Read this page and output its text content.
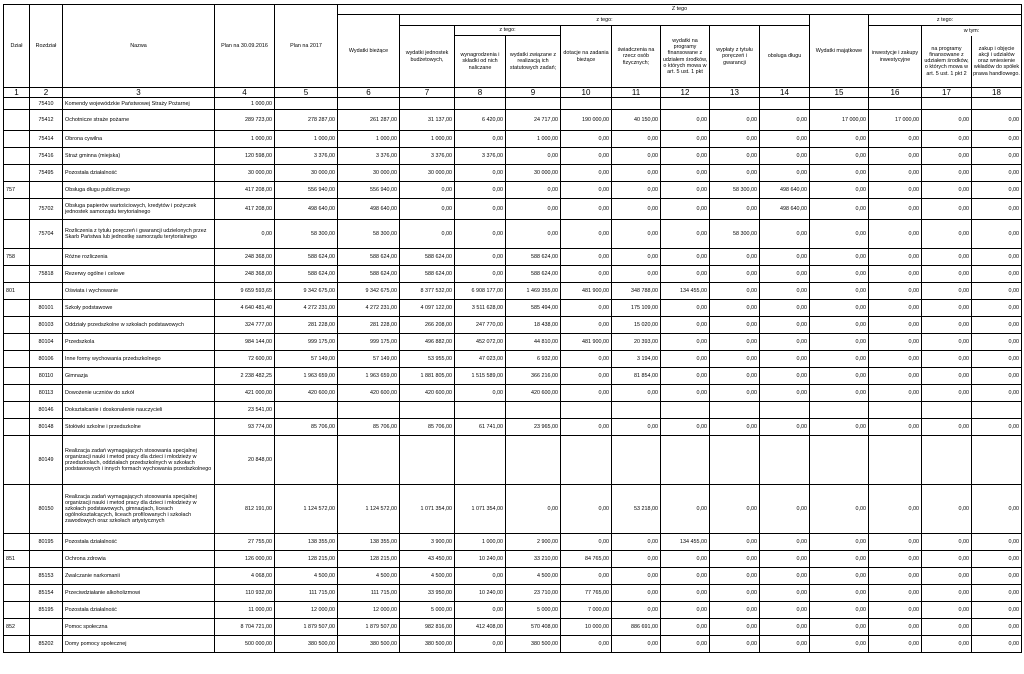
Dział	Rozdział	Nazwa	Plan na 30.09.2016	Plan na 2017	Z tego												
					Wydatki bieżące	z tego:								Wydatki majątkowe	z tego:		
						wydatki jednostek budżetowych,	z tego:		dotacje na zadania bieżące	świadczenia na rzecz osób fizycznych;	wydatki na programy finansowane z udziałem środków, o których mowa w art. 5 ust. 1 pkt	wypłaty z tytułu poręczeń i gwarancji	obsługa długu		inwestycje i zakupy inwestycyjne	w tym:	
							wynagrodzenia i składki od nich naliczane	wydatki związane z realizacją ich statutowych zadań;								na programy finansowane z udziałem środków, o których mowa w art. 5 ust. 1 pkt 2	zakup i objęcie akcji i udziałów oraz wniesienie wkładów do spółek prawa handlowego.

1	2	3	4	5	6	7	8	9	10	11	12	13	14	15	16	17	18
	75410	Komendy wojewódzkie Państwowej Straży Pożarnej	1 000,00														
	75412	Ochotnicze straże pożarne	289 723,00	278 287,00	261 287,00	31 137,00	6 420,00	24 717,00	190 000,00	40 150,00	0,00	0,00	0,00	17 000,00	17 000,00	0,00	0,00
	75414	Obrona cywilna	1 000,00	1 000,00	1 000,00	1 000,00	0,00	1 000,00	0,00	0,00	0,00	0,00	0,00	0,00	0,00	0,00	0,00
	75416	Straż gminna (miejska)	120 598,00	3 376,00	3 376,00	3 376,00	3 376,00	0,00	0,00	0,00	0,00	0,00	0,00	0,00	0,00	0,00	0,00
	75495	Pozostała działalność	30 000,00	30 000,00	30 000,00	30 000,00	0,00	30 000,00	0,00	0,00	0,00	0,00	0,00	0,00	0,00	0,00	0,00
757		Obsługa długu publicznego	417 208,00	556 940,00	556 940,00	0,00	0,00	0,00	0,00	0,00	0,00	58 300,00	498 640,00	0,00	0,00	0,00	0,00
	75702	Obsługa papierów wartościowych, kredytów i pożyczek jednostek samorządu terytorialnego	417 208,00	498 640,00	498 640,00	0,00	0,00	0,00	0,00	0,00	0,00	0,00	498 640,00	0,00	0,00	0,00	0,00
	75704	Rozliczenia z tytułu poręczeń i gwarancji udzielonych przez Skarb Państwa lub jednostkę samorządu terytorialnego	0,00	58 300,00	58 300,00	0,00	0,00	0,00	0,00	0,00	0,00	58 300,00	0,00	0,00	0,00	0,00	0,00
758		Różne rozliczenia	248 368,00	588 624,00	588 624,00	588 624,00	0,00	588 624,00	0,00	0,00	0,00	0,00	0,00	0,00	0,00	0,00	0,00
	75818	Rezerwy ogólne i celowe	248 368,00	588 624,00	588 624,00	588 624,00	0,00	588 624,00	0,00	0,00	0,00	0,00	0,00	0,00	0,00	0,00	0,00
801		Oświata i wychowanie	9 659 593,65	9 342 675,00	9 342 675,00	8 377 532,00	6 908 177,00	1 469 355,00	481 900,00	348 788,00	134 455,00	0,00	0,00	0,00	0,00	0,00	0,00
	80101	Szkoły podstawowe	4 640 481,40	4 272 231,00	4 272 231,00	4 097 122,00	3 511 628,00	585 494,00	0,00	175 109,00	0,00	0,00	0,00	0,00	0,00	0,00	0,00
	80103	Oddziały przedszkolne w szkołach podstawowych	324 777,00	281 228,00	281 228,00	266 208,00	247 770,00	18 438,00	0,00	15 020,00	0,00	0,00	0,00	0,00	0,00	0,00	0,00
	80104	Przedszkola	984 144,00	999 175,00	999 175,00	496 882,00	452 072,00	44 810,00	481 900,00	20 393,00	0,00	0,00	0,00	0,00	0,00	0,00	0,00
	80106	Inne formy wychowania przedszkolnego	72 600,00	57 149,00	57 149,00	53 955,00	47 023,00	6 932,00	0,00	3 194,00	0,00	0,00	0,00	0,00	0,00	0,00	0,00
	80110	Gimnazja	2 238 482,25	1 963 659,00	1 963 659,00	1 881 805,00	1 515 589,00	366 216,00	0,00	81 854,00	0,00	0,00	0,00	0,00	0,00	0,00	0,00
	80113	Dowożenie uczniów do szkół	421 000,00	420 600,00	420 600,00	420 600,00	0,00	420 600,00	0,00	0,00	0,00	0,00	0,00	0,00	0,00	0,00	0,00
	80146	Dokształcanie i doskonalenie nauczycieli	23 541,00														
	80148	Stołówki szkolne i przedszkolne	93 774,00	85 706,00	85 706,00	85 706,00	61 741,00	23 965,00	0,00	0,00	0,00	0,00	0,00	0,00	0,00	0,00	0,00
	80149	Realizacja zadań wymagających stosowania specjalnej organizacji nauki i metod pracy dla dzieci i młodzieży w przedszkolach, oddziałach przedszkolnych w szkołach podstawowych i innych formach wychowania przedszkolnego	20 848,00														
	80150	Realizacja zadań wymagających stosowania specjalnej organizacji nauki i metod pracy dla dzieci i młodzieży w szkołach podstawowych, gimnazjach, liceach ogólnokształcących, liceach profilowanych i szkołach zawodowych oraz szkołach artystycznych	812 191,00	1 124 572,00	1 124 572,00	1 071 354,00	1 071 354,00	0,00	0,00	53 218,00	0,00	0,00	0,00	0,00	0,00	0,00	0,00
	80195	Pozostała działalność	27 755,00	138 355,00	138 355,00	3 900,00	1 000,00	2 900,00	0,00	0,00	134 455,00	0,00	0,00	0,00	0,00	0,00	0,00
851		Ochrona zdrowia	126 000,00	128 215,00	128 215,00	43 450,00	10 240,00	33 210,00	84 765,00	0,00	0,00	0,00	0,00	0,00	0,00	0,00	0,00
	85153	Zwalczanie narkomanii	4 068,00	4 500,00	4 500,00	4 500,00	0,00	4 500,00	0,00	0,00	0,00	0,00	0,00	0,00	0,00	0,00	0,00
	85154	Przeciwdziałanie alkoholizmowi	110 932,00	111 715,00	111 715,00	33 950,00	10 240,00	23 710,00	77 765,00	0,00	0,00	0,00	0,00	0,00	0,00	0,00	0,00
	85195	Pozostała działalność	11 000,00	12 000,00	12 000,00	5 000,00	0,00	5 000,00	7 000,00	0,00	0,00	0,00	0,00	0,00	0,00	0,00	0,00
852		Pomoc społeczna	8 704 721,00	1 879 507,00	1 879 507,00	982 816,00	412 408,00	570 408,00	10 000,00	886 691,00	0,00	0,00	0,00	0,00	0,00	0,00	0,00
	85202	Domy pomocy społecznej	500 000,00	380 500,00	380 500,00	380 500,00	0,00	380 500,00	0,00	0,00	0,00	0,00	0,00	0,00	0,00	0,00	0,00
